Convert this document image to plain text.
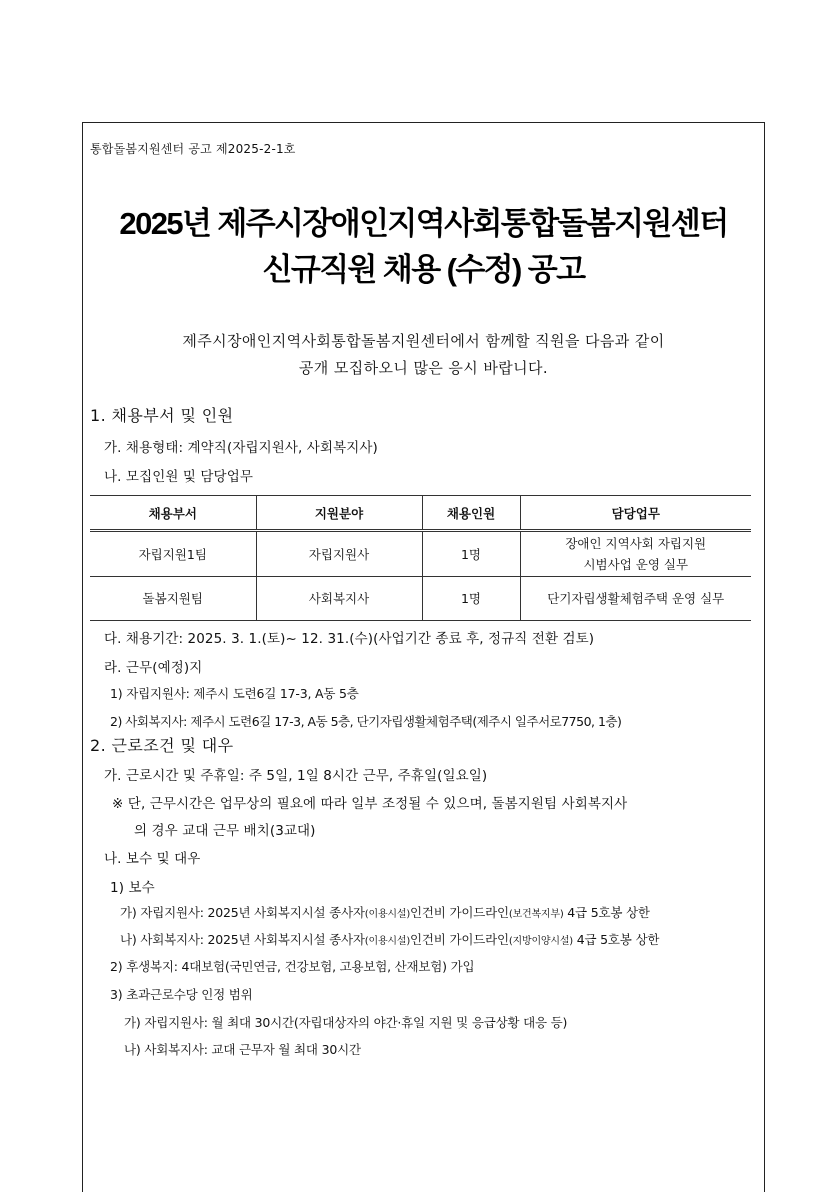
통합돌봄지원센터 공고 제2025-2-1호
2025년 제주시장애인지역사회통합돌봄지원센터
신규직원 채용 (수정) 공고
제주시장애인지역사회통합돌봄지원센터에서 함께할 직원을 다음과 같이
공개 모집하오니 많은 응시 바랍니다.
1. 채용부서 및 인원
가. 채용형태: 계약직(자립지원사, 사회복지사)
나. 모집인원 및 담당업무
채용부서	지원분야	채용인원	담당업무
자립지원1팀	자립지원사	1명	장애인 지역사회 자립지원
시범사업 운영 실무

돌봄지원팀	사회복지사	1명	단기자립생활체험주택 운영 실무
다. 채용기간: 2025. 3. 1.(토)~ 12. 31.(수)(사업기간 종료 후, 정규직 전환 검토)
라. 근무(예정)지
1) 자립지원사: 제주시 도련6길 17-3, A동 5층
2) 사회복지사: 제주시 도련6길 17-3, A동 5층, 단기자립생활체험주택(제주시 일주서로7750, 1층)
2. 근로조건 및 대우
가. 근로시간 및 주휴일: 주 5일, 1일 8시간 근무, 주휴일(일요일)
※ 단, 근무시간은 업무상의 필요에 따라 일부 조정될 수 있으며, 돌봄지원팀 사회복지사
의 경우 교대 근무 배치(3교대)
나. 보수 및 대우
1) 보수
가) 자립지원사: 2025년 사회복지시설 종사자(이용시설)인건비 가이드라인(보건복지부) 4급 5호봉 상한
나) 사회복지사: 2025년 사회복지시설 종사자(이용시설)인건비 가이드라인(지방이양시설) 4급 5호봉 상한
2) 후생복지: 4대보험(국민연금, 건강보험, 고용보험, 산재보험) 가입
3) 초과근로수당 인정 범위
가) 자립지원사: 월 최대 30시간(자립대상자의 야간·휴일 지원 및 응급상황 대응 등)
나) 사회복지사: 교대 근무자 월 최대 30시간
